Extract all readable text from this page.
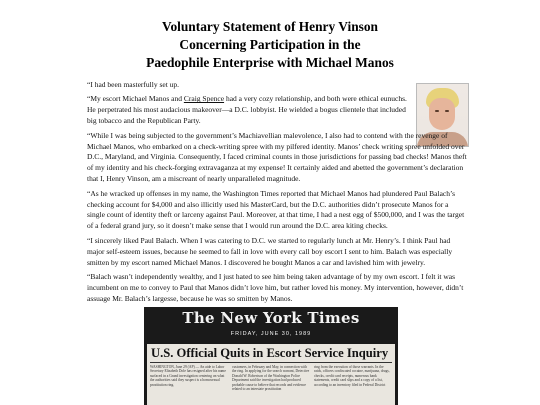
Voluntary Statement of Henry Vinson
Concerning Participation in the
Paedophile Enterprise with Michael Manos

“I had been masterfully set up.

“My escort Michael Manos and Craig Spence had a very cozy relationship, and both were ethical eunuchs. He perpetrated his most audacious makeover—a D.C. lobbyist. He wielded a bogus clientele that included big tobacco and the Republican Party.

“While I was being subjected to the government’s Machiavellian malevolence, I also had to contend with the revenge of Michael Manos, who embarked on a check-writing spree with my pilfered identity. Manos’ check writing spree unfolded over D.C., Maryland, and Virginia. Consequently, I faced criminal counts in those jurisdictions for passing bad checks! Manos theft of my identity and his check-forging extravaganza at my expense! It certainly aided and abetted the government’s declaration that I, Henry Vinson, am a miscreant of nearly unparalleled magnitude.

“As he wracked up offenses in my name, the Washington Times reported that Michael Manos had plundered Paul Balach’s checking account for $4,000 and also illicitly used his MasterCard, but the D.C. authorities didn’t prosecute Manos for a single count of identity theft or larceny against Paul. Moreover, at that time, I had a nest egg of $500,000, and I was the target of a federal grand jury, so it doesn’t make sense that I would run around the D.C. area kiting checks.

“I sincerely liked Paul Balach. When I was catering to D.C. we started to regularly lunch at Mr. Henry’s. I think Paul had major self-esteem issues, because he seemed to fall in love with every call boy escort I sent to him. Balach was especially smitten by my escort named Michael Manos. I discovered he bought Manos a car and lavished him with jewelry.

“Balach wasn’t independently wealthy, and I just hated to see him being taken advantage of by my own escort. I felt it was incumbent on me to convey to Paul that Manos didn’t love him, but rather loved his money. My intervention, however, didn’t assuage Mr. Balach’s largesse, because he was so smitten by Manos.

The New York Times
FRIDAY, JUNE 30, 1989
U.S. Official Quits in Escort Service Inquiry
WASHINGTON, June 29 (AP) — An aide to Labor Secretary Elizabeth Dole has resigned after his name surfaced in a Grand investigation centering on what the authorities said they suspect is a homosexual prostitution ring.
customers, in February and May, in connection with the ring. In applying for the search warrant, Detective Donald W. Robertson of the Washington Police Department said the investigation had produced probable cause to believe that records and evidence related to an interstate prostitution
ring from the execution of those warrants. In the raids, officers confiscated cocaine, marijuana, drugs, checks, credit card receipts, numerous bank statements, credit card slips and a copy of a list, according to an inventory filed in Federal District
